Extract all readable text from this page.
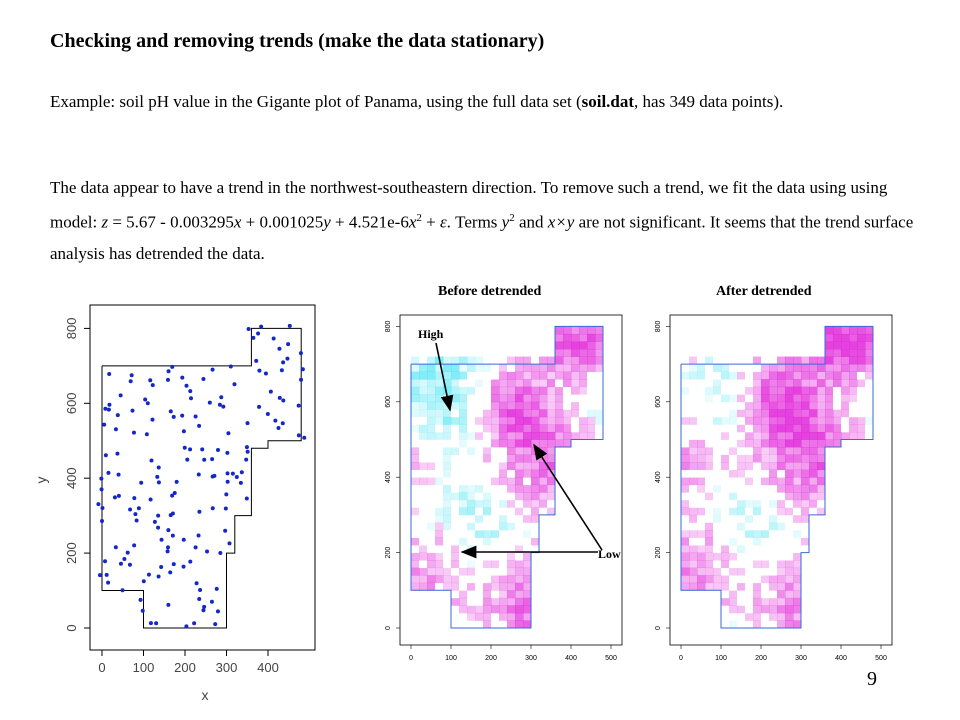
Checking and removing trends (make the data stationary)
Example: soil pH value in the Gigante plot of Panama, using the full data set (soil.dat, has 349 data points).
The data appear to have a trend in the northwest-southeastern direction. To remove such a trend, we fit the data using using model: $z = 5.67 - 0.003295x + 0.001025y + 4.521e-6x^2 + \varepsilon$. Terms $y^2$ and x×y are not significant. It seems that the trend surface analysis has detrended the data.
0 100 200 300 400
0
200
400
600
800
x
y
Before detrended
0	100	200	300	400	500
0
200
400
600
800
High
Low
After detrended
0	100	200	300	400	500
0
200
400
600
800
9
